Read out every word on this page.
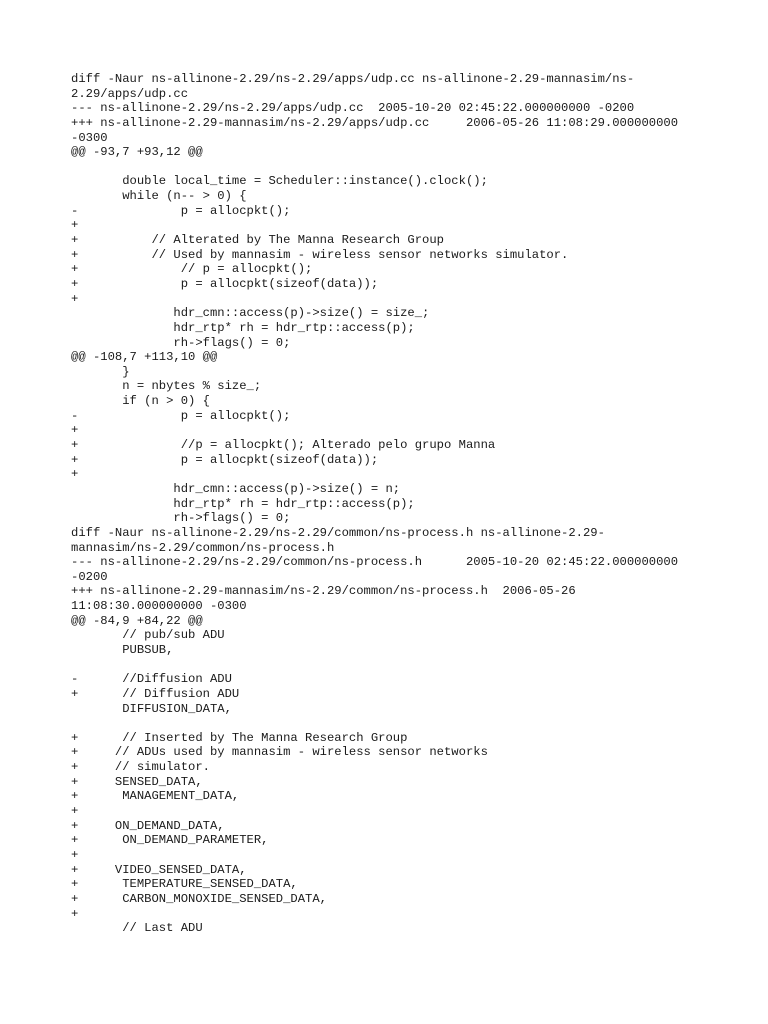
diff -Naur ns-allinone-2.29/ns-2.29/apps/udp.cc ns-allinone-2.29-mannasim/ns-
2.29/apps/udp.cc
--- ns-allinone-2.29/ns-2.29/apps/udp.cc  2005-10-20 02:45:22.000000000 -0200
+++ ns-allinone-2.29-mannasim/ns-2.29/apps/udp.cc     2006-05-26 11:08:29.000000000
-0300
@@ -93,7 +93,12 @@
double local_time = Scheduler::instance().clock();
while (n-- > 0) {
-              p = allocpkt();
+
+          // Alterated by The Manna Research Group
+          // Used by mannasim - wireless sensor networks simulator.
+              // p = allocpkt();
+              p = allocpkt(sizeof(data));
+
hdr_cmn::access(p)->size() = size_;
hdr_rtp* rh = hdr_rtp::access(p);
rh->flags() = 0;
@@ -108,7 +113,10 @@
}
n = nbytes % size_;
if (n > 0) {
-              p = allocpkt();
+
+              //p = allocpkt(); Alterado pelo grupo Manna
+              p = allocpkt(sizeof(data));
+
hdr_cmn::access(p)->size() = n;
hdr_rtp* rh = hdr_rtp::access(p);
rh->flags() = 0;
diff -Naur ns-allinone-2.29/ns-2.29/common/ns-process.h ns-allinone-2.29-
mannasim/ns-2.29/common/ns-process.h
--- ns-allinone-2.29/ns-2.29/common/ns-process.h      2005-10-20 02:45:22.000000000
-0200
+++ ns-allinone-2.29-mannasim/ns-2.29/common/ns-process.h  2006-05-26
11:08:30.000000000 -0300
@@ -84,9 +84,22 @@
// pub/sub ADU
PUBSUB,
-      //Diffusion ADU
+      // Diffusion ADU
DIFFUSION_DATA,
+      // Inserted by The Manna Research Group
+     // ADUs used by mannasim - wireless sensor networks
+     // simulator.
+     SENSED_DATA,
+      MANAGEMENT_DATA,
+
+     ON_DEMAND_DATA,
+      ON_DEMAND_PARAMETER,
+
+     VIDEO_SENSED_DATA,
+      TEMPERATURE_SENSED_DATA,
+      CARBON_MONOXIDE_SENSED_DATA,
+
// Last ADU
